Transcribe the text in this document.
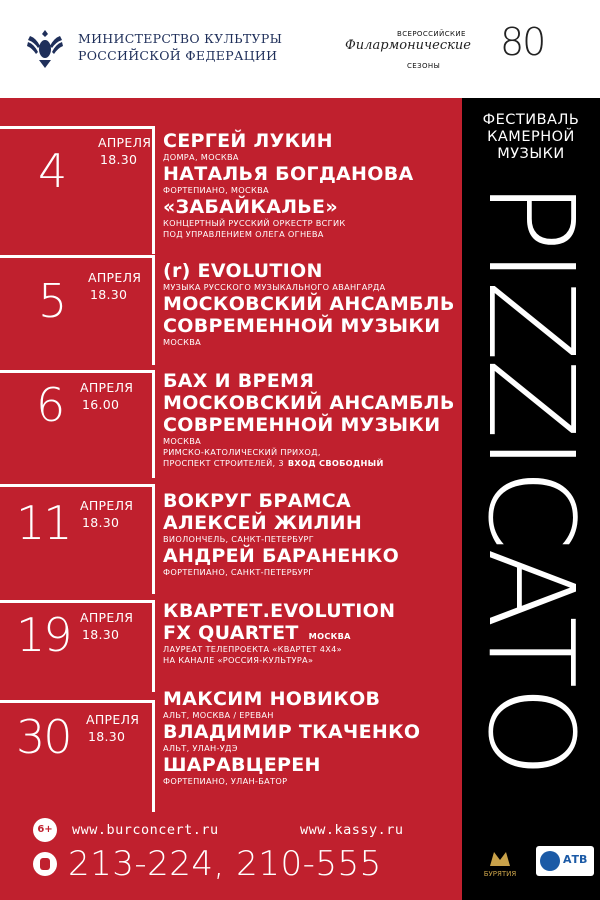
МИНИСТЕРСТВО КУЛЬТУРЫ
РОССИЙСКОЙ ФЕДЕРАЦИИ
ВСЕРОССИЙСКИЕ
Филармонические
СЕЗОНЫ
80
ФЕСТИВАЛЬ
КАМЕРНОЙ
МУЗЫКИ
PIZZICATO
4
АПРЕЛЯ
18.30
СЕРГЕЙ ЛУКИН
ДОМРА, МОСКВА
НАТАЛЬЯ БОГДАНОВА
ФОРТЕПИАНО, МОСКВА
«ЗАБАЙКАЛЬЕ»
КОНЦЕРТНЫЙ РУССКИЙ ОРКЕСТР ВСГИК
ПОД УПРАВЛЕНИЕМ ОЛЕГА ОГНЕВА
5 АПРЕЛЯ
18.30
(r) EVOLUTION
МУЗЫКА РУССКОГО МУЗЫКАЛЬНОГО АВАНГАРДА
МОСКОВСКИЙ АНСАМБЛЬ
СОВРЕМЕННОЙ МУЗЫКИ
МОСКВА
6 АПРЕЛЯ
16.00
БАХ И ВРЕМЯ
МОСКОВСКИЙ АНСАМБЛЬ
СОВРЕМЕННОЙ МУЗЫКИ
МОСКВА
РИМСКО-КАТОЛИЧЕСКИЙ ПРИХОД,
ПРОСПЕКТ СТРОИТЕЛЕЙ, 3 ВХОД СВОБОДНЫЙ
11 АПРЕЛЯ
18.30
ВОКРУГ БРАМСА
АЛЕКСЕЙ ЖИЛИН
ВИОЛОНЧЕЛЬ, САНКТ-ПЕТЕРБУРГ
АНДРЕЙ БАРАНЕНКО
ФОРТЕПИАНО, САНКТ-ПЕТЕРБУРГ
19 АПРЕЛЯ
18.30
КВАРТЕТ.EVOLUTION
FX QUARTET МОСКВА
ЛАУРЕАТ ТЕЛЕПРОЕКТА «КВАРТЕТ 4Х4»
НА КАНАЛЕ «РОССИЯ-КУЛЬТУРА»
30 АПРЕЛЯ
18.30
МАКСИМ НОВИКОВ
АЛЬТ, МОСКВА / ЕРЕВАН
ВЛАДИМИР ТКАЧЕНКО
АЛЬТ, УЛАН-УДЭ
ШАРАВЦЕРЕН
ФОРТЕПИАНО, УЛАН-БАТОР
6+	www.burconcert.ru	www.kassy.ru
213-224, 210-555	БУРЯТИЯ
АТВ
